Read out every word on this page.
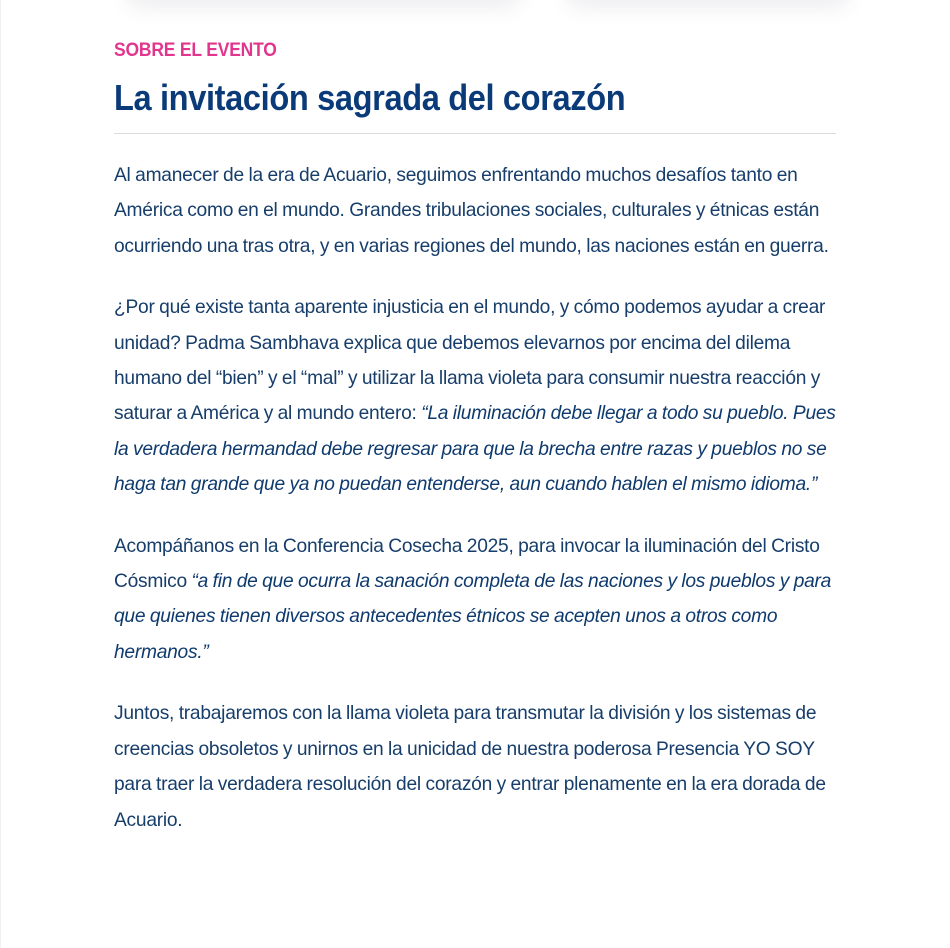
SOBRE EL EVENTO
La invitación sagrada del corazón

Al amanecer de la era de Acuario, seguimos enfrentando muchos desafíos tanto en América como en el mundo. Grandes tribulaciones sociales, culturales y étnicas están ocurriendo una tras otra, y en varias regiones del mundo, las naciones están en guerra.

¿Por qué existe tanta aparente injusticia en el mundo, y cómo podemos ayudar a crear unidad? Padma Sambhava explica que debemos elevarnos por encima del dilema humano del “bien” y el “mal” y utilizar la llama violeta para consumir nuestra reacción y saturar a América y al mundo entero: “La iluminación debe llegar a todo su pueblo. Pues la verdadera hermandad debe regresar para que la brecha entre razas y pueblos no se haga tan grande que ya no puedan entenderse, aun cuando hablen el mismo idioma.”

Acompáñanos en la Conferencia Cosecha 2025, para invocar la iluminación del Cristo Cósmico “a fin de que ocurra la sanación completa de las naciones y los pueblos y para que quienes tienen diversos antecedentes étnicos se acepten unos a otros como hermanos.”

Juntos, trabajaremos con la llama violeta para transmutar la división y los sistemas de creencias obsoletos y unirnos en la unicidad de nuestra poderosa Presencia YO SOY para traer la verdadera resolución del corazón y entrar plenamente en la era dorada de Acuario.
